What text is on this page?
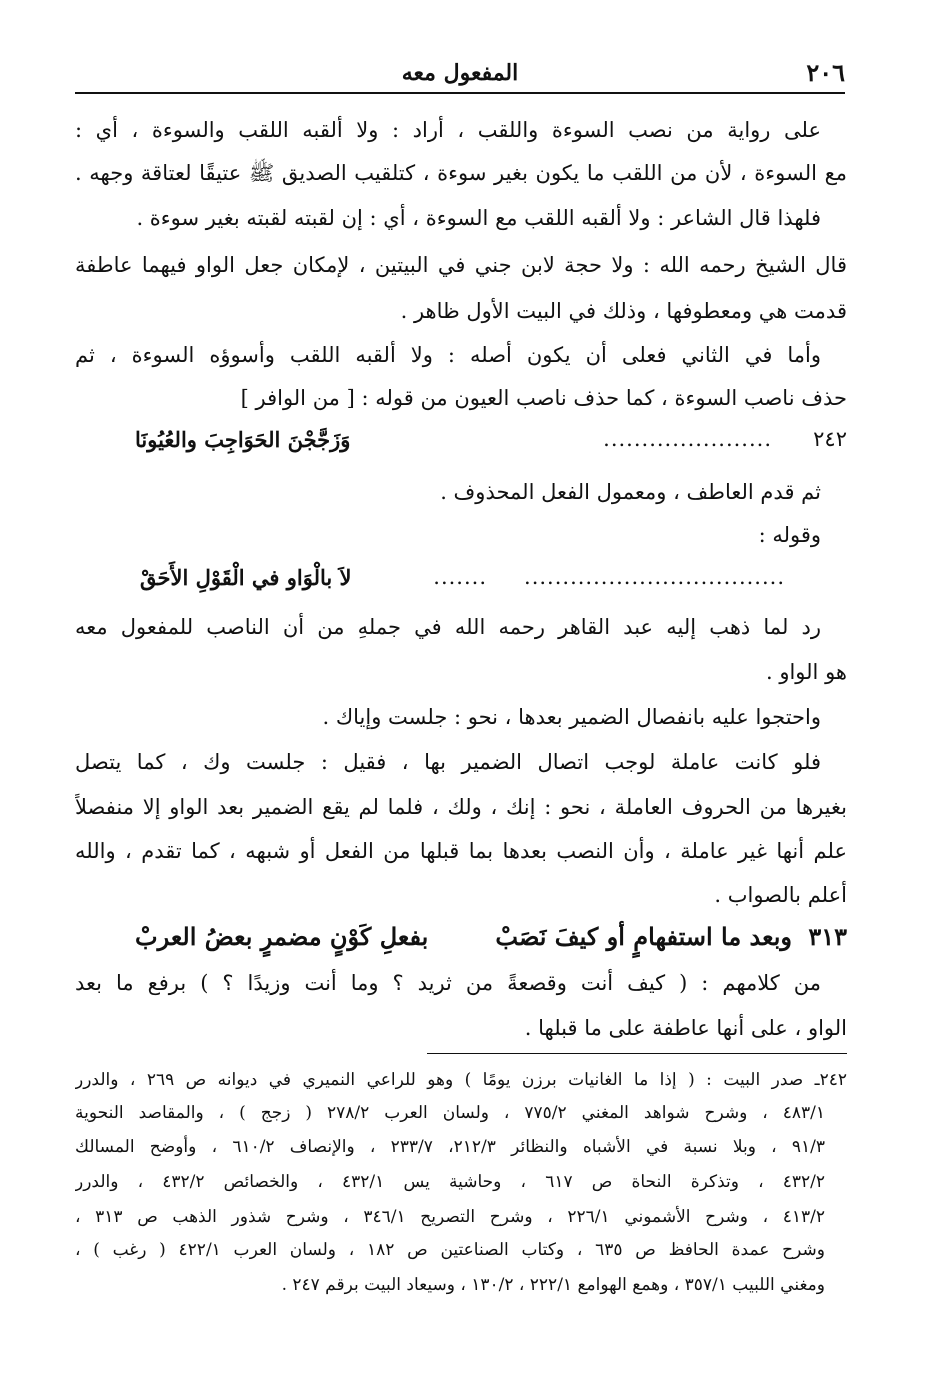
٢٠٦
المفعول معه
على رواية من نصب السوءة واللقب ، أراد : ولا ألقبه اللقب والسوءة ، أي :
مع السوءة ، لأن من اللقب ما يكون بغير سوءة ، كتلقيب الصديق ﷺ عتيقًا لعتاقة وجهه .
فلهذا قال الشاعر : ولا ألقبه اللقب مع السوءة ، أي : إن لقبته لقبته بغير سوءة .
قال الشيخ رحمه الله : ولا حجة لابن جني في البيتين ، لإمكان جعل الواو فيهما عاطفة
قدمت هي ومعطوفها ، وذلك في البيت الأول ظاهر .
وأما في الثاني فعلى أن يكون أصله : ولا ألقبه اللقب وأسوؤه السوءة ، ثم
حذف ناصب السوءة ، كما حذف ناصب العيون من قوله : [ من الوافر ]
٢٤٢
......................
وَزَجَّجْنَ الحَوَاجِبَ والعُيُونَا
ثم قدم العاطف ، ومعمول الفعل المحذوف .
وقوله :
..................................
.......
لاَ بالْوَاو في الْقَوْلِ الأَحَقْ
رد لما ذهب إليه عبد القاهر رحمه الله في جملهِ من أن الناصب للمفعول معه
هو الواو .
واحتجوا عليه بانفصال الضمير بعدها ، نحو : جلست وإياك .
فلو كانت عاملة لوجب اتصال الضمير بها ، فقيل : جلست وك ، كما يتصل
بغيرها من الحروف العاملة ، نحو : إنك ، ولك ، فلما لم يقع الضمير بعد الواو إلا منفصلاً
علم أنها غير عاملة ، وأن النصب بعدها بما قبلها من الفعل أو شبهه ، كما تقدم ، والله
أعلم بالصواب .
٣١٣
وبعد ما استفهامٍ أو كيفَ نَصَبْ
بفعلِ كَوْنٍ مضمرٍ بعضُ العربْ
من كلامهم : ( كيف أنت وقصعةً من ثريد ؟ وما أنت وزيدًا ؟ ) برفع ما بعد
الواو ، على أنها عاطفة على ما قبلها .
٢٤٢ـ صدر البيت : ( إذا ما الغانيات برزن يومًا ) وهو للراعي النميري في ديوانه ص ٢٦٩ ، والدرر
٤٨٣/١ ، وشرح شواهد المغني ٧٧٥/٢ ، ولسان العرب ٢٧٨/٢ ( زجج ) ، والمقاصد النحوية
٩١/٣ ، وبلا نسبة في الأشباه والنظائر ٢١٢/٣، ٢٣٣/٧ ، والإنصاف ٦١٠/٢ ، وأوضح المسالك
٤٣٢/٢ ، وتذكرة النحاة ص ٦١٧ ، وحاشية يس ٤٣٢/١ ، والخصائص ٤٣٢/٢ ، والدرر
٤١٣/٢ ، وشرح الأشموني ٢٢٦/١ ، وشرح التصريح ٣٤٦/١ ، وشرح شذور الذهب ص ٣١٣ ،
وشرح عمدة الحافظ ص ٦٣٥ ، وكتاب الصناعتين ص ١٨٢ ، ولسان العرب ٤٢٢/١ ( رغب ) ،
ومغني اللبيب ٣٥٧/١ ، وهمع الهوامع ٢٢٢/١ ، ١٣٠/٢ ، وسيعاد البيت برقم ٢٤٧ .
